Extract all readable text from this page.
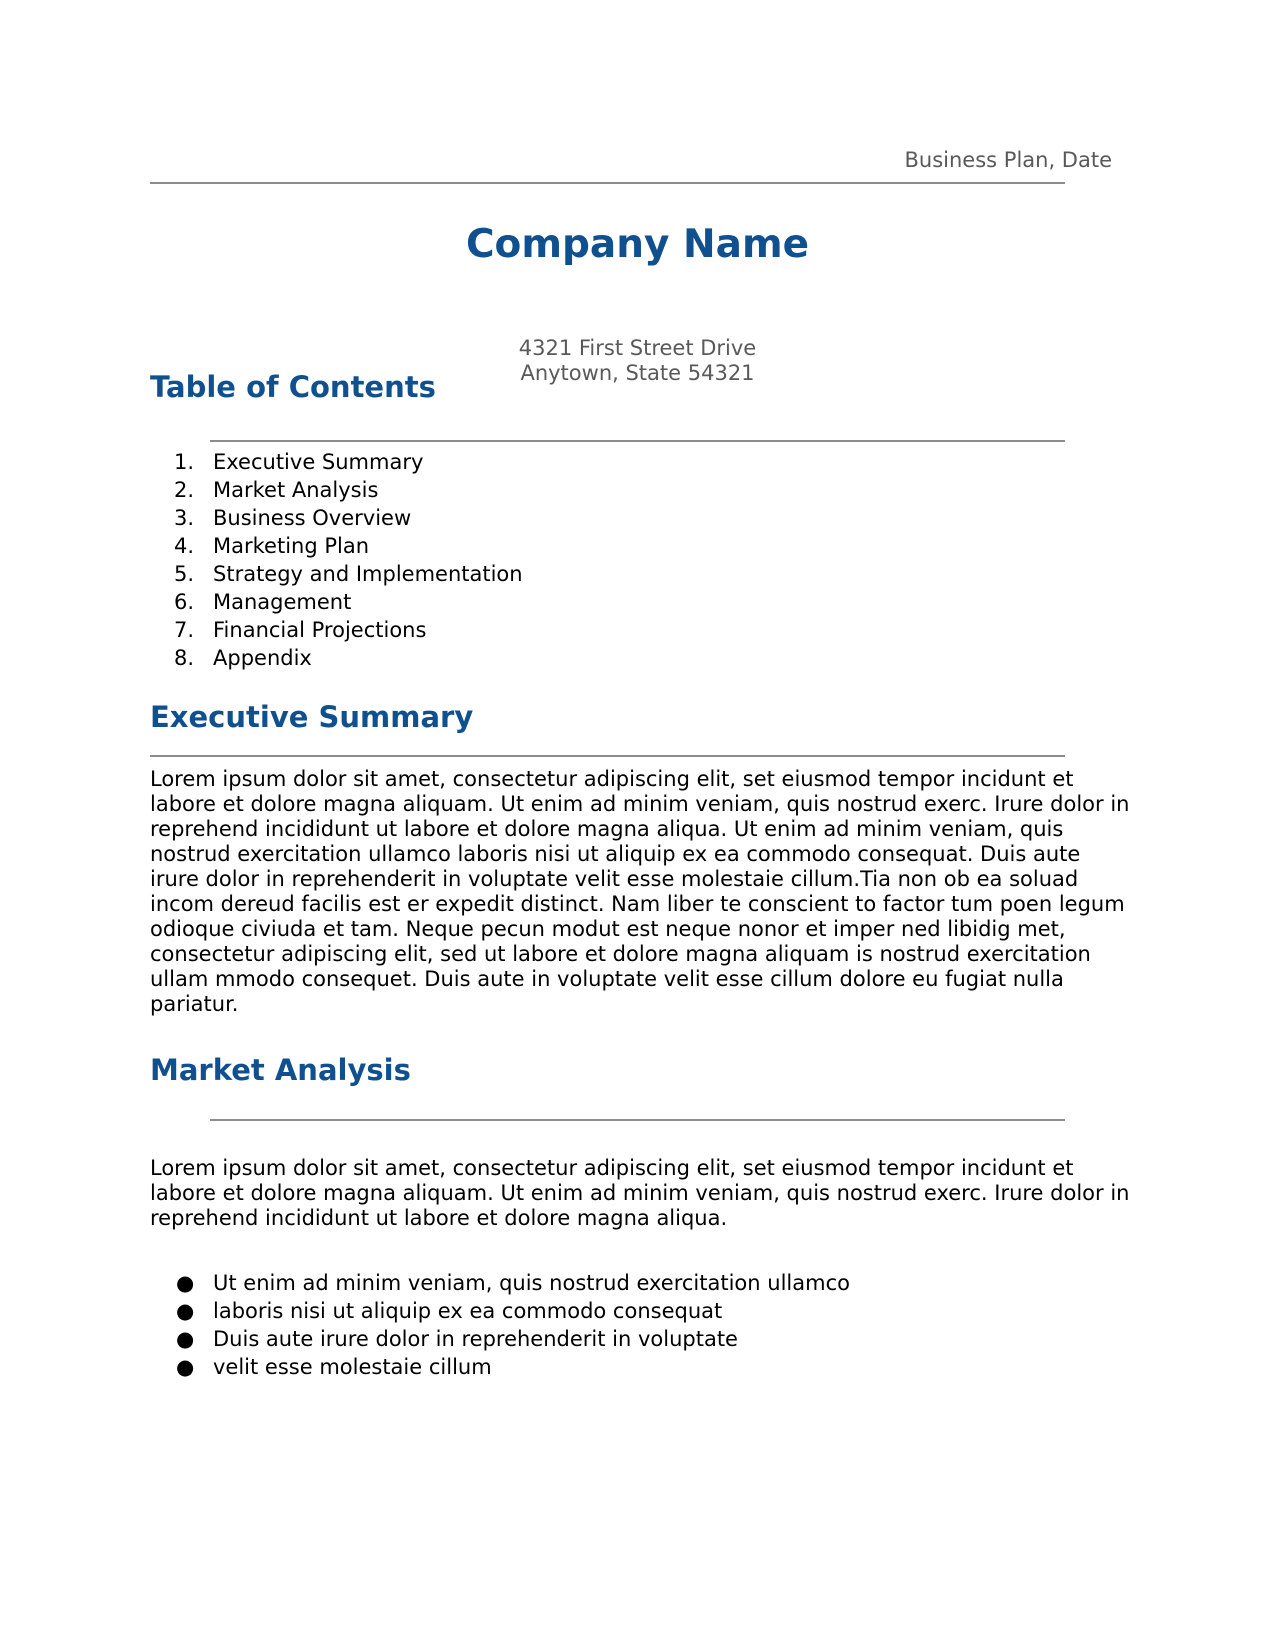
Business Plan, Date
Company Name
4321 First Street Drive
Anytown, State 54321
Table of Contents
1. Executive Summary
2. Market Analysis
3. Business Overview
4. Marketing Plan
5. Strategy and Implementation
6. Management
7. Financial Projections
8. Appendix
Executive Summary

Lorem ipsum dolor sit amet, consectetur adipiscing elit, set eiusmod tempor incidunt et labore et dolore magna aliquam. Ut enim ad minim veniam, quis nostrud exerc. Irure dolor in reprehend incididunt ut labore et dolore magna aliqua. Ut enim ad minim veniam, quis nostrud exercitation ullamco laboris nisi ut aliquip ex ea commodo consequat. Duis aute irure dolor in reprehenderit in voluptate velit esse molestaie cillum.Tia non ob ea soluad incom dereud facilis est er expedit distinct. Nam liber te conscient to factor tum poen legum odioque civiuda et tam. Neque pecun modut est neque nonor et imper ned libidig met, consectetur adipiscing elit, sed ut labore et dolore magna aliquam is nostrud exercitation ullam mmodo consequet. Duis aute in voluptate velit esse cillum dolore eu fugiat nulla pariatur.

Market Analysis

Lorem ipsum dolor sit amet, consectetur adipiscing elit, set eiusmod tempor incidunt et labore et dolore magna aliquam. Ut enim ad minim veniam, quis nostrud exerc. Irure dolor in reprehend incididunt ut labore et dolore magna aliqua.

● Ut enim ad minim veniam, quis nostrud exercitation ullamco
● laboris nisi ut aliquip ex ea commodo consequat
● Duis aute irure dolor in reprehenderit in voluptate
● velit esse molestaie cillum
